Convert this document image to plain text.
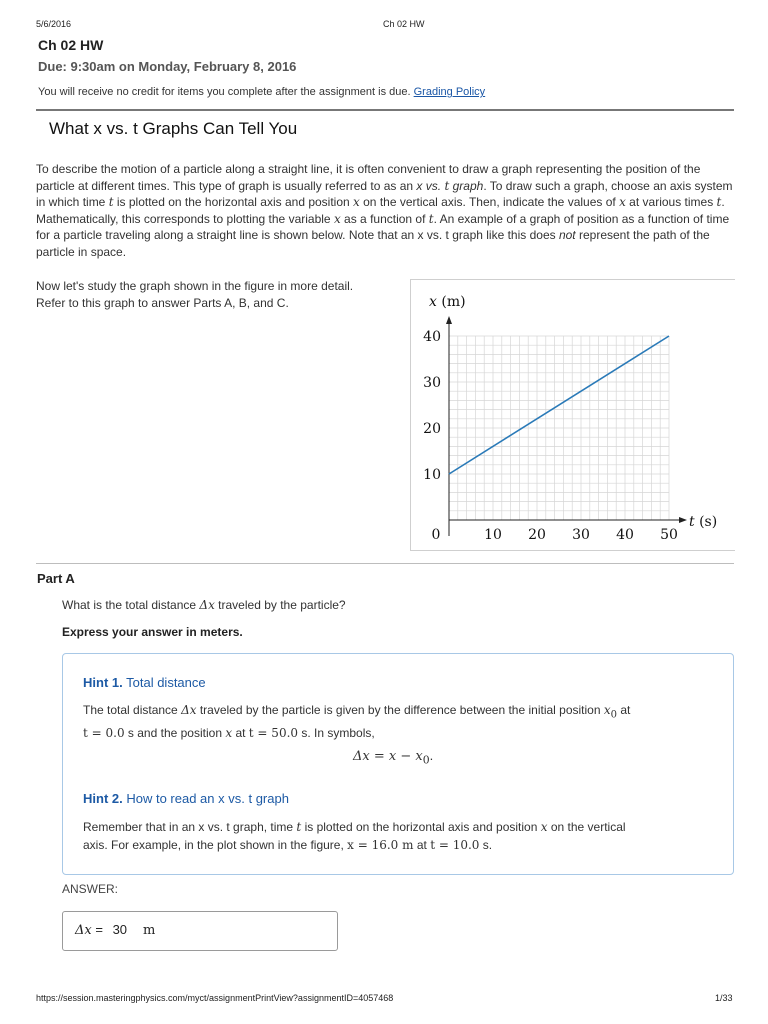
5/6/2016	Ch 02 HW
Ch 02 HW
Due: 9:30am on Monday, February 8, 2016
You will receive no credit for items you complete after the assignment is due. Grading Policy
What x vs. t Graphs Can Tell You
To describe the motion of a particle along a straight line, it is often convenient to draw a graph representing the position of the particle at different times. This type of graph is usually referred to as an x vs. t graph. To draw such a graph, choose an axis system in which time t is plotted on the horizontal axis and position x on the vertical axis. Then, indicate the values of x at various times t. Mathematically, this corresponds to plotting the variable x as a function of t. An example of a graph of position as a function of time for a particle traveling along a straight line is shown below. Note that an x vs. t graph like this does not represent the path of the particle in space.
Now let's study the graph shown in the figure in more detail.
Refer to this graph to answer Parts A, B, and C.
0	10 20 30 40 50
10
20
30
40
x (m)
t (s)
Part A
What is the total distance Δx traveled by the particle?
Express your answer in meters.
Hint 1. Total distance
The total distance Δx traveled by the particle is given by the difference between the initial position $x_0$ at
t = 0.0 s and the position x at t = 50.0 s. In symbols,
$\Delta x = x - x_0$.
Hint 2. How to read an x vs. t graph
Remember that in an x vs. t graph, time t is plotted on the horizontal axis and position x on the vertical
axis. For example, in the plot shown in the figure, x = 16.0 m at t = 10.0 s.
ANSWER:
Δx = 30 m
https://session.masteringphysics.com/myct/assignmentPrintView?assignmentID=4057468	1/33
